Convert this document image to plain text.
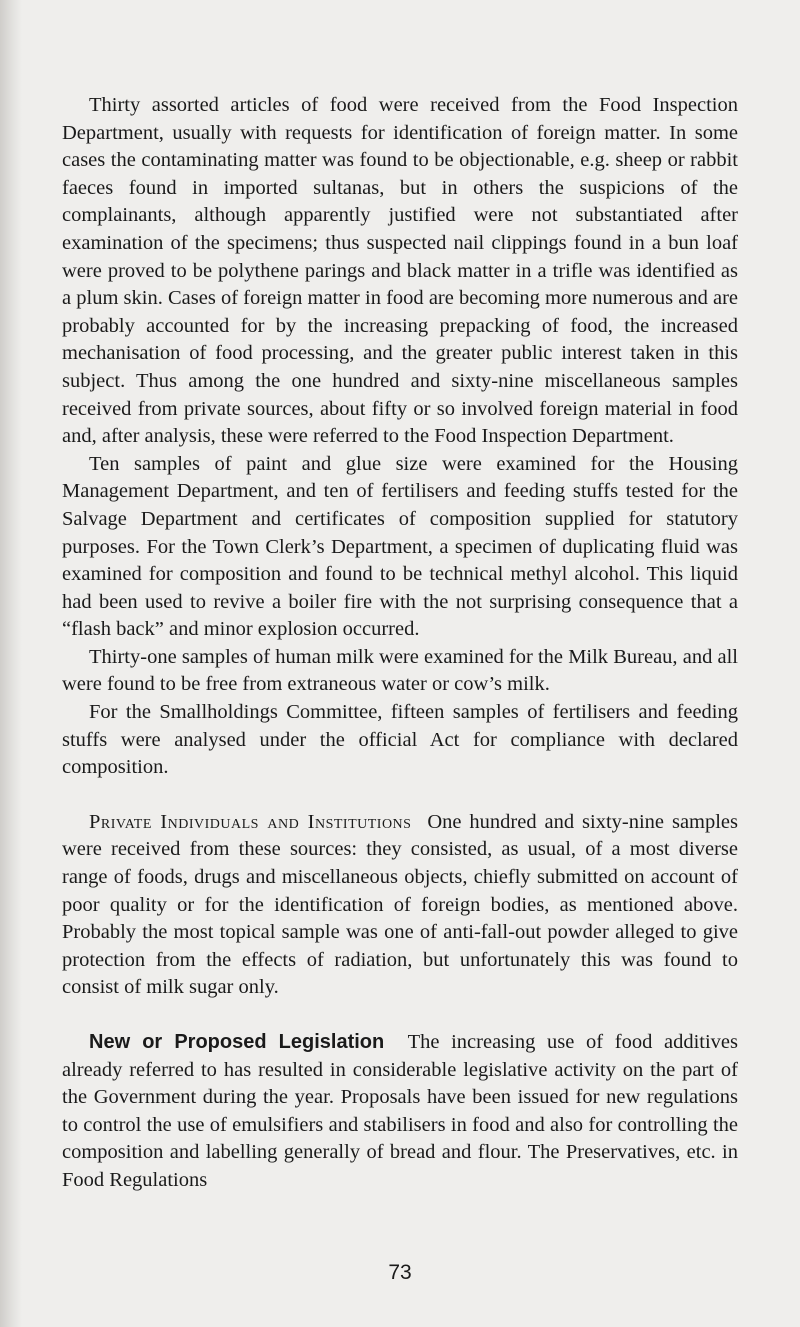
Thirty assorted articles of food were received from the Food Inspection Department, usually with requests for identification of foreign matter. In some cases the contaminating matter was found to be objectionable, e.g. sheep or rabbit faeces found in imported sultanas, but in others the suspicions of the complainants, although apparently justified were not substantiated after examination of the specimens; thus suspected nail clippings found in a bun loaf were proved to be polythene parings and black matter in a trifle was identified as a plum skin. Cases of foreign matter in food are becoming more numerous and are probably accounted for by the increasing prepacking of food, the increased mechanisation of food processing, and the greater public interest taken in this subject. Thus among the one hundred and sixty-nine miscellaneous samples received from private sources, about fifty or so involved foreign material in food and, after analysis, these were referred to the Food Inspection Department.

Ten samples of paint and glue size were examined for the Housing Management Department, and ten of fertilisers and feeding stuffs tested for the Salvage Department and certificates of composition supplied for statutory purposes. For the Town Clerk’s Department, a specimen of duplicating fluid was examined for composition and found to be technical methyl alcohol. This liquid had been used to revive a boiler fire with the not surprising consequence that a “flash back” and minor explosion occurred.

Thirty-one samples of human milk were examined for the Milk Bureau, and all were found to be free from extraneous water or cow’s milk.

For the Smallholdings Committee, fifteen samples of fertilisers and feeding stuffs were analysed under the official Act for compliance with declared composition.

Private Individuals and Institutions One hundred and sixty-nine samples were received from these sources: they consisted, as usual, of a most diverse range of foods, drugs and miscellaneous objects, chiefly submitted on account of poor quality or for the identification of foreign bodies, as mentioned above. Probably the most topical sample was one of anti-fall-out powder alleged to give protection from the effects of radiation, but unfortunately this was found to consist of milk sugar only.

New or Proposed Legislation The increasing use of food additives already referred to has resulted in considerable legislative activity on the part of the Government during the year. Proposals have been issued for new regulations to control the use of emulsifiers and stabilisers in food and also for controlling the composition and labelling generally of bread and flour. The Preservatives, etc. in Food Regulations

73
